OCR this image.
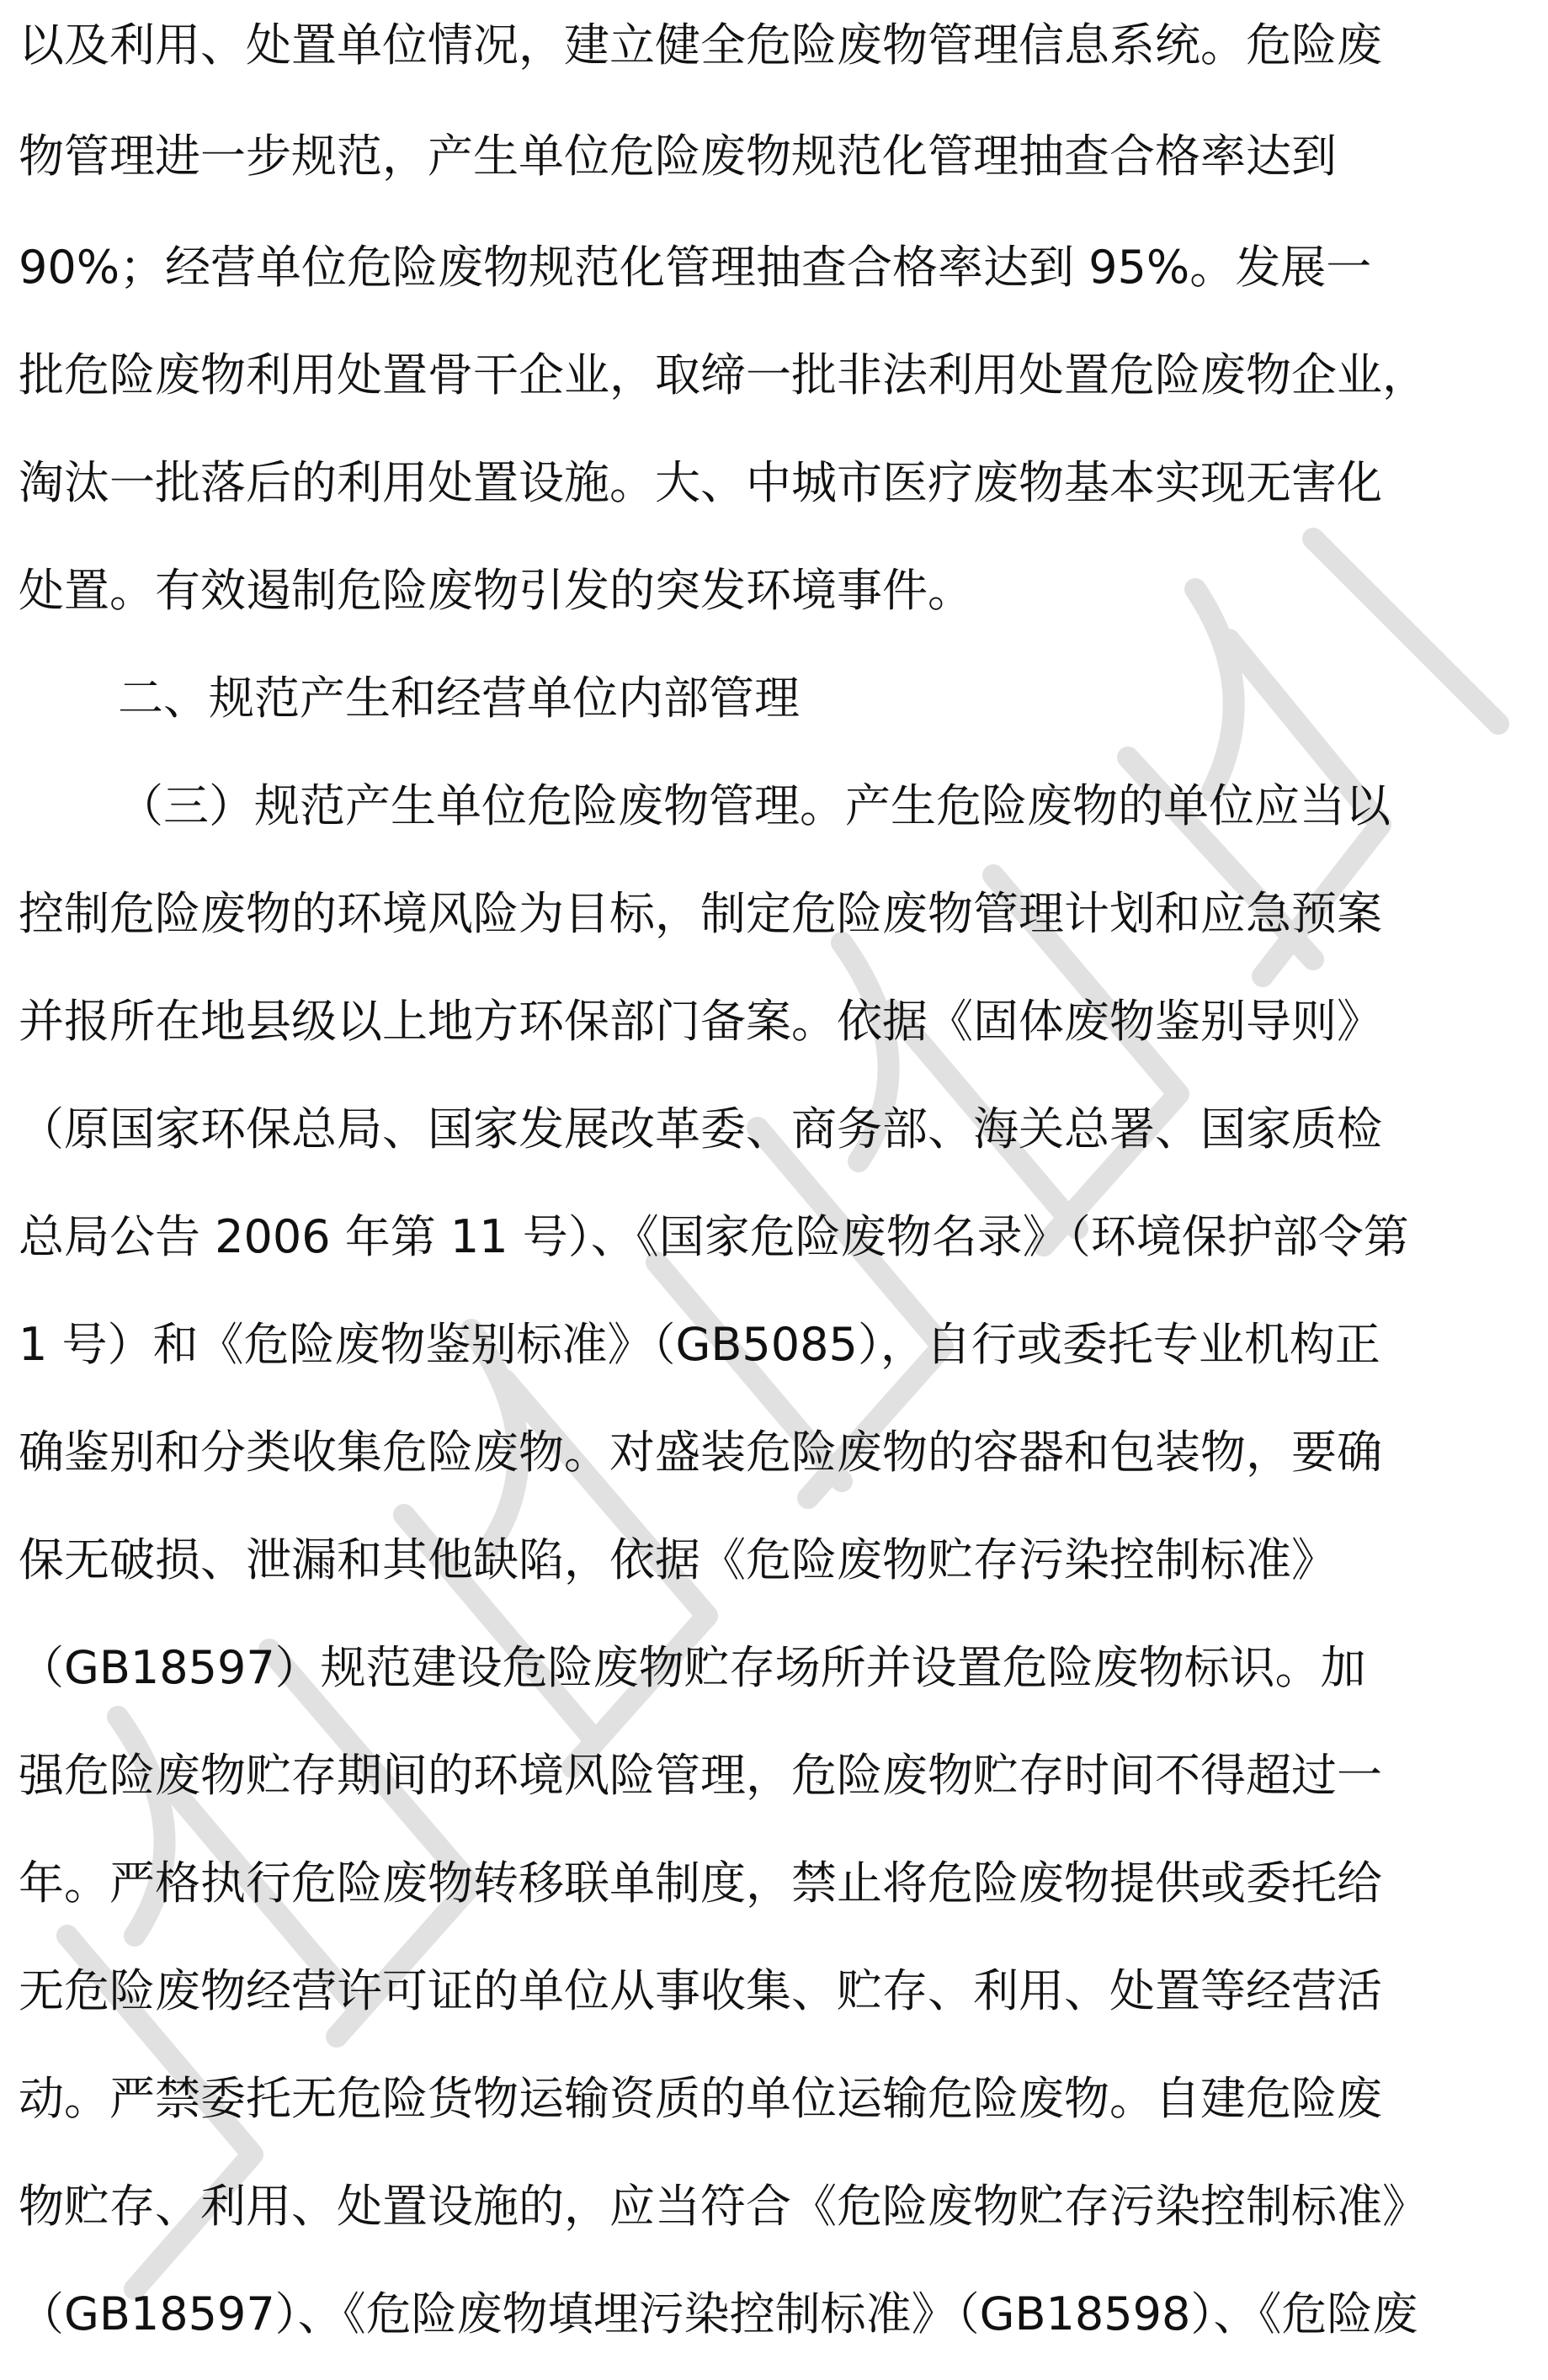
以及利用、处置单位情况，建立健全危险废物管理信息系统。危险废
物管理进一步规范，产生单位危险废物规范化管理抽查合格率达到
90%；经营单位危险废物规范化管理抽查合格率达到 95%。发展一
批危险废物利用处置骨干企业，取缔一批非法利用处置危险废物企业，
淘汰一批落后的利用处置设施。大、中城市医疗废物基本实现无害化
处置。有效遏制危险废物引发的突发环境事件。
二、规范产生和经营单位内部管理
（三）规范产生单位危险废物管理。产生危险废物的单位应当以
控制危险废物的环境风险为目标，制定危险废物管理计划和应急预案
并报所在地县级以上地方环保部门备案。依据《固体废物鉴别导则》
（原国家环保总局、国家发展改革委、商务部、海关总署、国家质检
总局公告 2006 年第 11 号）、《国家危险废物名录》（环境保护部令第
1 号）和《危险废物鉴别标准》（GB5085），自行或委托专业机构正
确鉴别和分类收集危险废物。对盛装危险废物的容器和包装物，要确
保无破损、泄漏和其他缺陷，依据《危险废物贮存污染控制标准》
（GB18597）规范建设危险废物贮存场所并设置危险废物标识。加
强危险废物贮存期间的环境风险管理，危险废物贮存时间不得超过一
年。严格执行危险废物转移联单制度，禁止将危险废物提供或委托给
无危险废物经营许可证的单位从事收集、贮存、利用、处置等经营活
动。严禁委托无危险货物运输资质的单位运输危险废物。自建危险废
物贮存、利用、处置设施的，应当符合《危险废物贮存污染控制标准》
（GB18597）、《危险废物填埋污染控制标准》（GB18598）、《危险废
